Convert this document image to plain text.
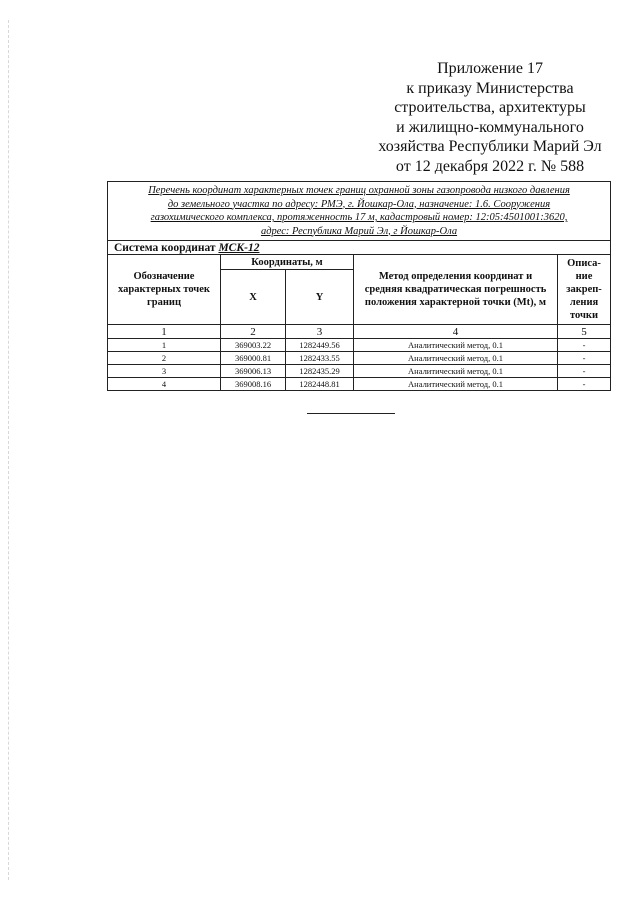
Приложение 17
к приказу Министерства
строительства, архитектуры
и жилищно-коммунального
хозяйства Республики Марий Эл
от 12 декабря 2022 г. № 588
Перечень координат характерных точек границ охранной зоны газопровода низкого давления
до земельного участка по адресу: РМЭ, г. Йошкар-Ола, назначение: 1.6. Сооружения
газохимического комплекса, протяженность 17 м, кадастровый номер: 12:05:4501001:3620,
адрес: Республика Марий Эл, г Йошкар-Ола				

Система координат МСК-12				
Обозначение характерных точек границ	Координаты, м		Метод определения координат и средняя квадратическая погрешность положения характерной точки (Mt), м	Описа-
ние
закреп-
ления
точки

	X	Y		
1	2	3	4	5
1	369003.22	1282449.56	Аналитический метод, 0.1	-
2	369000.81	1282433.55	Аналитический метод, 0.1	-
3	369006.13	1282435.29	Аналитический метод, 0.1	-
4	369008.16	1282448.81	Аналитический метод, 0.1	-
